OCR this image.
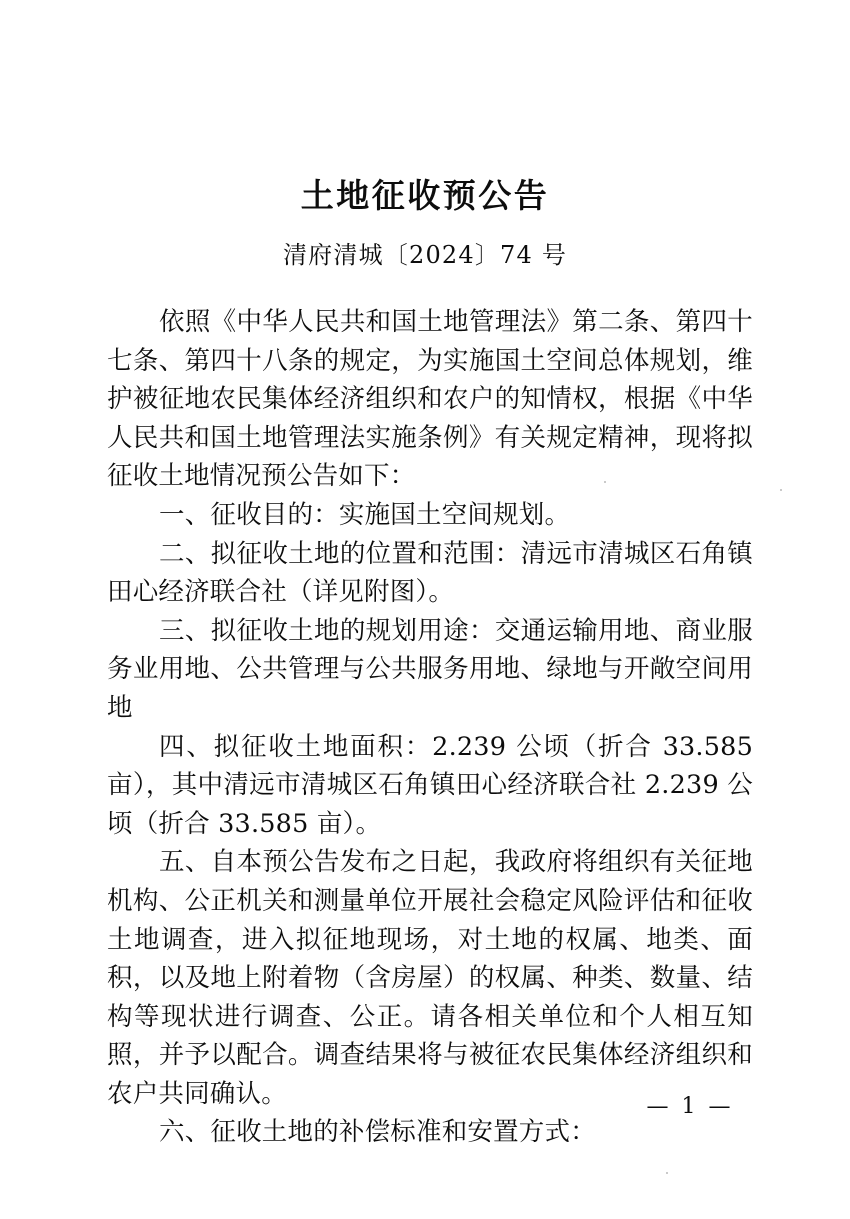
土地征收预公告
清府清城〔2024〕74 号

依照《中华人民共和国土地管理法》第二条、第四十七条、第四十八条的规定，为实施国土空间总体规划，维护被征地农民集体经济组织和农户的知情权，根据《中华人民共和国土地管理法实施条例》有关规定精神，现将拟征收土地情况预公告如下：

一、征收目的：实施国土空间规划。

二、拟征收土地的位置和范围：清远市清城区石角镇田心经济联合社（详见附图）。

三、拟征收土地的规划用途：交通运输用地、商业服务业用地、公共管理与公共服务用地、绿地与开敞空间用地

四、拟征收土地面积：2.239 公顷（折合 33.585 亩），其中清远市清城区石角镇田心经济联合社 2.239 公顷（折合 33.585 亩）。

五、自本预公告发布之日起，我政府将组织有关征地机构、公正机关和测量单位开展社会稳定风险评估和征收土地调查，进入拟征地现场，对土地的权属、地类、面积，以及地上附着物（含房屋）的权属、种类、数量、结构等现状进行调查、公正。请各相关单位和个人相互知照，并予以配合。调查结果将与被征农民集体经济组织和农户共同确认。

六、征收土地的补偿标准和安置方式：

— 1 —
